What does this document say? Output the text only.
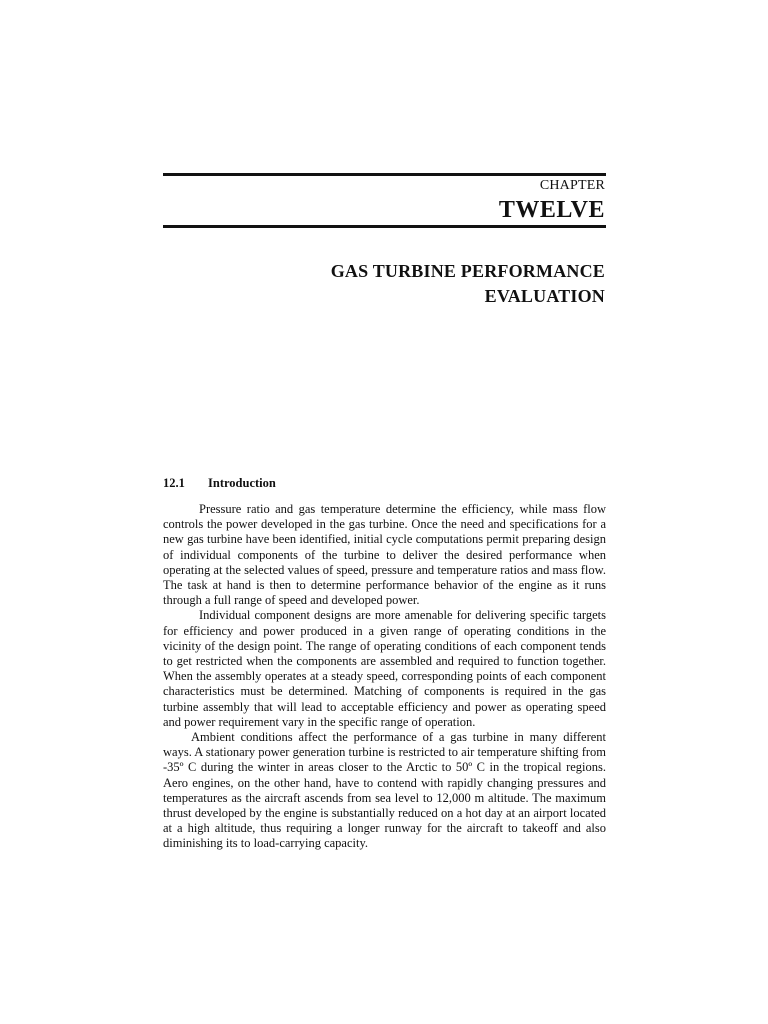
CHAPTER
TWELVE
GAS TURBINE PERFORMANCE
EVALUATION
12.1 Introduction

Pressure ratio and gas temperature determine the efficiency, while mass flow controls the power developed in the gas turbine. Once the need and specifications for a new gas turbine have been identified, initial cycle computations permit preparing design of individual components of the turbine to deliver the desired performance when operating at the selected values of speed, pressure and temperature ratios and mass flow. The task at hand is then to determine performance behavior of the engine as it runs through a full range of speed and developed power.

Individual component designs are more amenable for delivering specific targets for efficiency and power produced in a given range of operating conditions in the vicinity of the design point. The range of operating conditions of each component tends to get restricted when the components are assembled and required to function together. When the assembly operates at a steady speed, corresponding points of each component characteristics must be determined. Matching of components is required in the gas turbine assembly that will lead to acceptable efficiency and power as operating speed and power requirement vary in the specific range of operation.

Ambient conditions affect the performance of a gas turbine in many different ways. A stationary power generation turbine is restricted to air temperature shifting from -35º C during the winter in areas closer to the Arctic to 50º C in the tropical regions. Aero engines, on the other hand, have to contend with rapidly changing pressures and temperatures as the aircraft ascends from sea level to 12,000 m altitude. The maximum thrust developed by the engine is substantially reduced on a hot day at an airport located at a high altitude, thus requiring a longer runway for the aircraft to takeoff and also diminishing its to load-carrying capacity.
